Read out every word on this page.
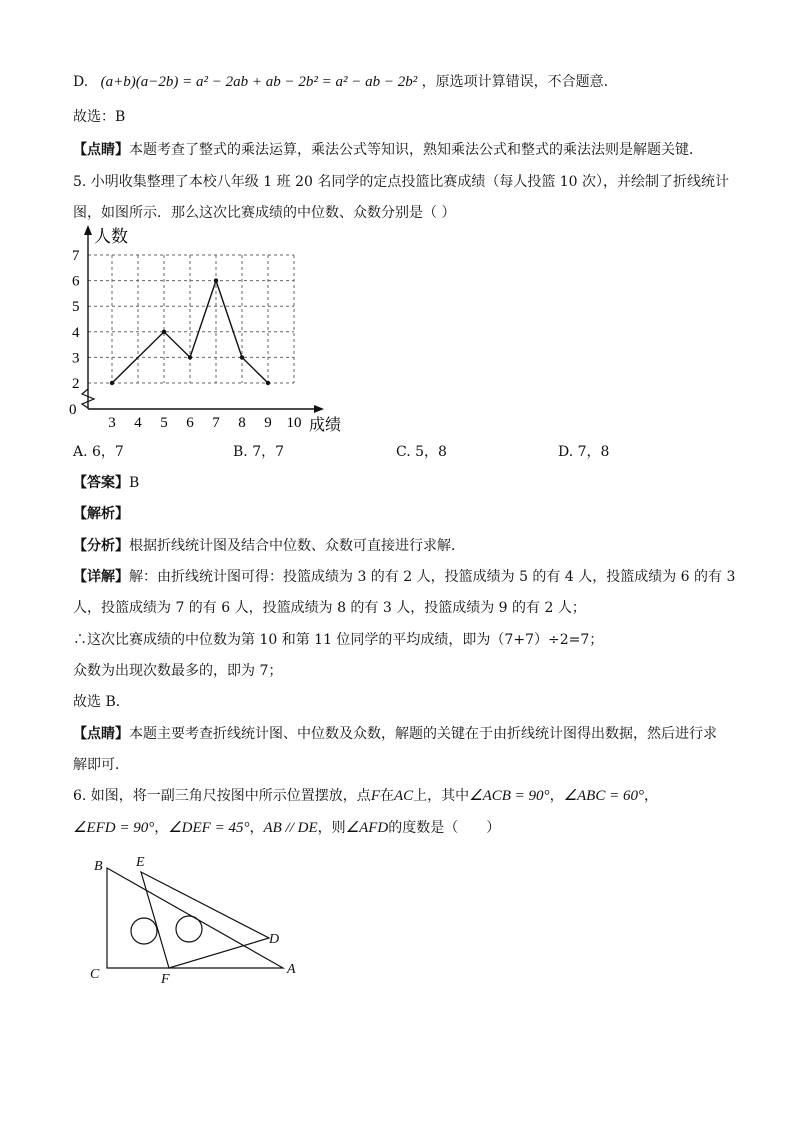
D. (a+b)(a−2b) = a² − 2ab + ab − 2b² = a² − ab − 2b² ，原选项计算错误，不合题意．
故选：B
【点睛】本题考查了整式的乘法运算，乘法公式等知识，熟知乘法公式和整式的乘法法则是解题关键．
5. 小明收集整理了本校八年级 1 班 20 名同学的定点投篮比赛成绩（每人投篮 10 次），并绘制了折线统计
图，如图所示．那么这次比赛成绩的中位数、众数分别是（ ）
2
3
4
5
6
7
3 4 5 6 7 8 9 10
人数
成绩
0
A. 6，7	B. 7，7	C. 5，8	D. 7，8
【答案】B
【解析】
【分析】根据折线统计图及结合中位数、众数可直接进行求解．
【详解】解：由折线统计图可得：投篮成绩为 3 的有 2 人，投篮成绩为 5 的有 4 人，投篮成绩为 6 的有 3
人，投篮成绩为 7 的有 6 人，投篮成绩为 8 的有 3 人，投篮成绩为 9 的有 2 人；
∴这次比赛成绩的中位数为第 10 和第 11 位同学的平均成绩，即为（7+7）÷2=7；
众数为出现次数最多的，即为 7；
故选 B．
【点睛】本题主要考查折线统计图、中位数及众数，解题的关键在于由折线统计图得出数据，然后进行求
解即可．
6. 如图，将一副三角尺按图中所示位置摆放，点F在AC上，其中∠ACB = 90°，∠ABC = 60°，
∠EFD = 90°，∠DEF = 45°，AB // DE，则∠AFD的度数是（　　）
B E
D
C	F
A
